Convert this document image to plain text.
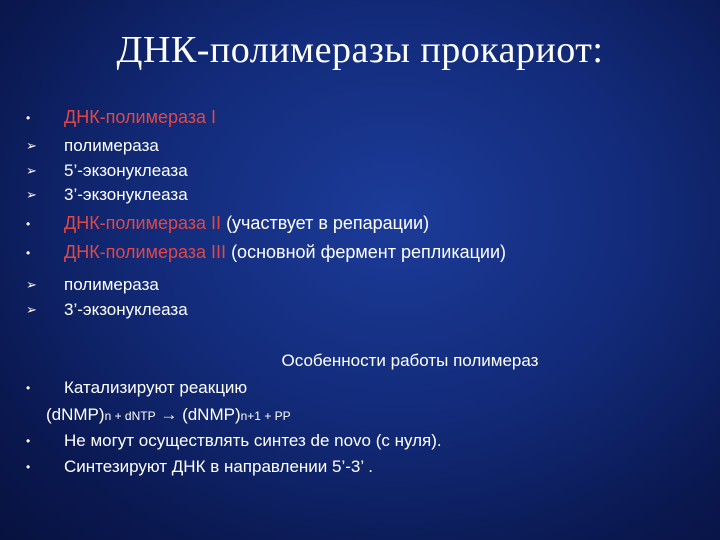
ДНК-полимеразы прокариот:
• ДНК-полимераза I
➢ полимераза
➢ 5’-экзонуклеаза
➢ 3’-экзонуклеаза
• ДНК-полимераза II (участвует в репарации)
• ДНК-полимераза III (основной фермент репликации)
➢ полимераза
➢ 3’-экзонуклеаза
Особенности работы полимераз
• Катализируют реакцию
(dNMP)n + dNTP → (dNMP)n+1 + PP
• Не могут осуществлять синтез de novo (с нуля).
• Синтезируют ДНК в направлении 5’-3’ .
